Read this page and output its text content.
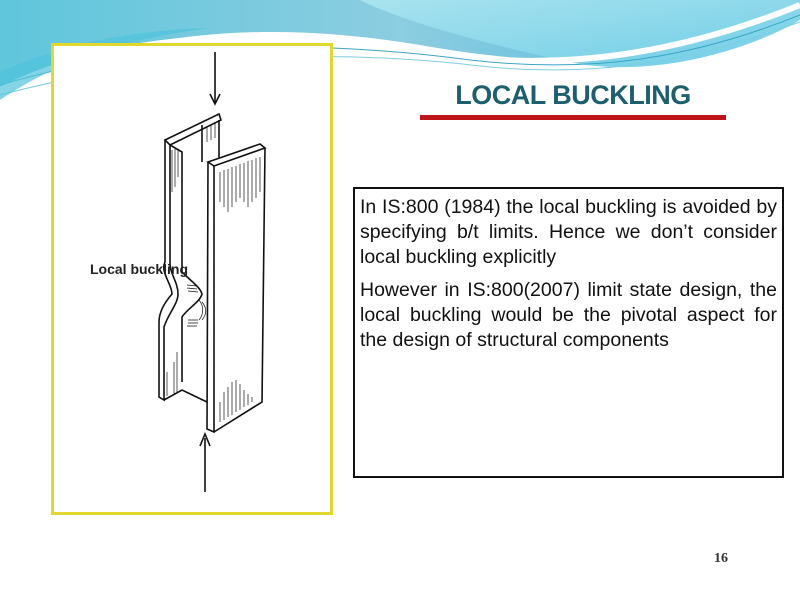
Local buckling
LOCAL BUCKLING

In IS:800 (1984) the local buckling is avoided by specifying b/t limits. Hence we don’t consider local buckling explicitly

However in IS:800(2007) limit state design, the local buckling would be the pivotal aspect for the design of structural components

16
